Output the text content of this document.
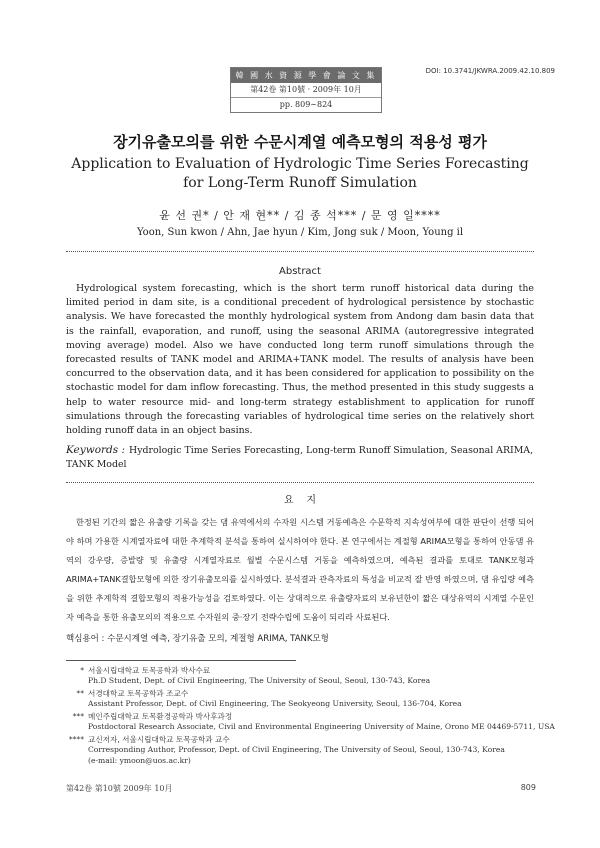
韓 國 水 資 源 學 會 論 文 集
第42卷 第10號 · 2009年 10月
pp. 809∼824
DOI: 10.3741/JKWRA.2009.42.10.809
장기유출모의를 위한 수문시계열 예측모형의 적용성 평가
Application to Evaluation of Hydrologic Time Series Forecasting for Long-Term Runoff Simulation
윤 선 권* / 안 재 현** / 김 종 석*** / 문 영 일****
Yoon, Sun kwon / Ahn, Jae hyun / Kim, Jong suk / Moon, Young il
Abstract
Hydrological system forecasting, which is the short term runoff historical data during the limited period in dam site, is a conditional precedent of hydrological persistence by stochastic analysis. We have forecasted the monthly hydrological system from Andong dam basin data that is the rainfall, evaporation, and runoff, using the seasonal ARIMA (autoregressive integrated moving average) model. Also we have conducted long term runoff simulations through the forecasted results of TANK model and ARIMA+TANK model. The results of analysis have been concurred to the observation data, and it has been considered for application to possibility on the stochastic model for dam inflow forecasting. Thus, the method presented in this study suggests a help to water resource mid- and long-term strategy establishment to application for runoff simulations through the forecasting variables of hydrological time series on the relatively short holding runoff data in an object basins.
Keywords : Hydrologic Time Series Forecasting, Long-term Runoff Simulation, Seasonal ARIMA, TANK Model
요    지
한정된 기간의 짧은 유출량 기록을 갖는 댐 유역에서의 수자원 시스템 거동예측은 수문학적 지속성여부에 대한 판단이 선행 되어야 하며 가용한 시계열자료에 대한 추계학적 분석을 통하여 실시하여야 한다. 본 연구에서는 계절형 ARIMA모형을 통하여 안동댐 유역의 강우량, 증발량 및 유출량 시계열자료로 월별 수문시스템 거동을 예측하였으며, 예측된 결과를 토대로 TANK모형과 ARIMA+TANK결합모형에 의한 장기유출모의를 실시하였다. 분석결과 관측자료의 특성을 비교적 잘 반영 하였으며, 댐 유입량 예측을 위한 추계학적 결합모형의 적용가능성을 검토하였다. 이는 상대적으로 유출량자료의 보유년한이 짧은 대상유역의 시계열 수문인자 예측을 통한 유출모의의 적용으로 수자원의 중·장기 전략수립에 도움이 되리라 사료된다.
핵심용어 : 수문시계열 예측, 장기유출 모의, 계절형 ARIMA, TANK모형
* 서울시립대학교 토목공학과 박사수료
Ph.D Student, Dept. of Civil Engineering, The University of Seoul, Seoul, 130-743, Korea
** 서경대학교 토목공학과 조교수
Assistant Professor, Dept. of Civil Engineering, The Seokyeong University, Seoul, 136-704, Korea
*** 메인주립대학교 토목환경공학과 박사후과정
Postdoctoral Research Associate, Civil and Environmental Engineering University of Maine, Orono ME 04469-5711, USA
**** 교신저자, 서울시립대학교 토목공학과 교수
Corresponding Author, Professor, Dept. of Civil Engineering, The University of Seoul, Seoul, 130-743, Korea
(e-mail: ymoon@uos.ac.kr)
第42卷 第10號 2009年 10月	809
